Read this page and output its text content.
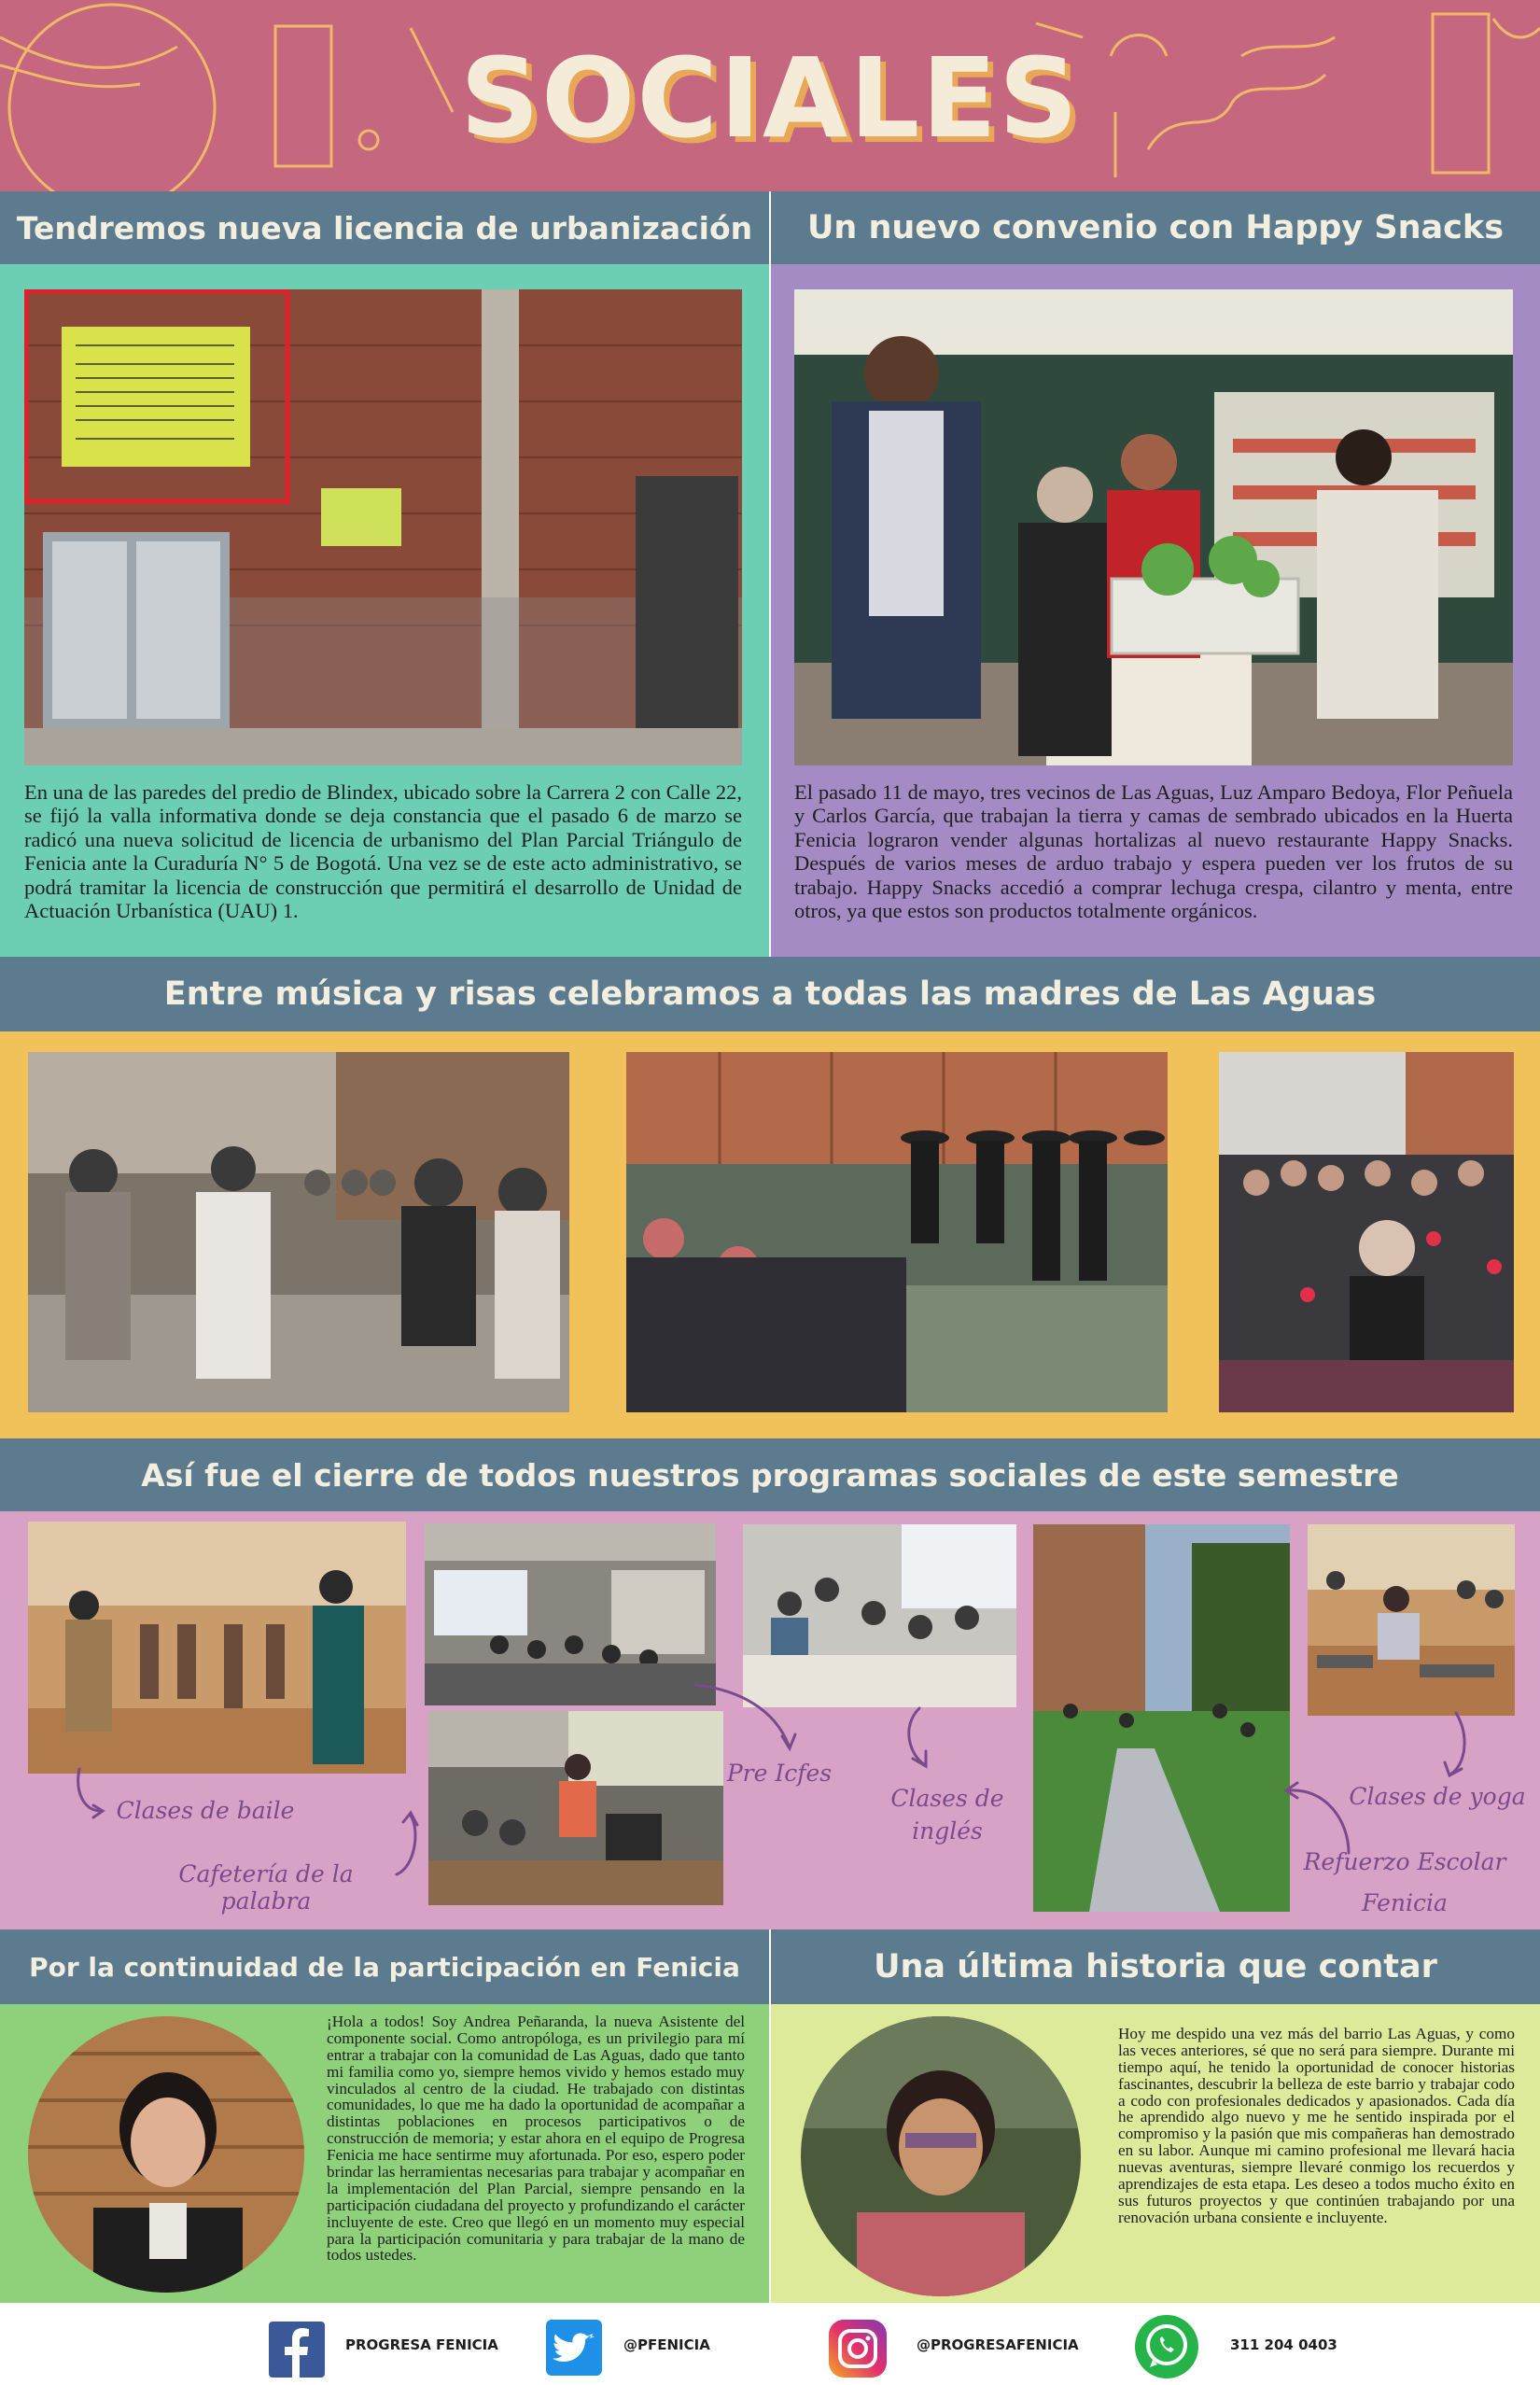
SOCIALES
Tendremos nueva licencia de urbanización
En una de las paredes del predio de Blindex, ubicado sobre la Carrera 2 con Calle 22, se fijó la valla informativa donde se deja constancia que el pasado 6 de marzo se radicó una nueva solicitud de licencia de urbanismo del Plan Parcial Triángulo de Fenicia ante la Curaduría N° 5 de Bogotá. Una vez se de este acto administrativo, se podrá tramitar la licencia de construcción que permitirá el desarrollo de Unidad de Actuación Urbanística (UAU) 1.
Un nuevo convenio con Happy Snacks
El pasado 11 de mayo, tres vecinos de Las Aguas, Luz Amparo Bedoya, Flor Peñuela y Carlos García, que trabajan la tierra y camas de sembrado ubicados en la Huerta Fenicia lograron vender algunas hortalizas al nuevo restaurante Happy Snacks. Después de varios meses de arduo trabajo y espera pueden ver los frutos de su trabajo. Happy Snacks accedió a comprar lechuga crespa, cilantro y menta, entre otros, ya que estos son productos totalmente orgánicos.
Entre música y risas celebramos a todas las madres de Las Aguas
Así fue el cierre de todos nuestros programas sociales de este semestre
Clases de baile
Cafetería de la palabra
Pre Icfes
Clases de
inglés
Clases de yoga
Refuerzo Escolar
Fenicia
Por la continuidad de la participación en Fenicia
¡Hola a todos! Soy Andrea Peñaranda, la nueva Asistente del componente social. Como antropóloga, es un privilegio para mí entrar a trabajar con la comunidad de Las Aguas, dado que tanto mi familia como yo, siempre hemos vivido y hemos estado muy vinculados al centro de la ciudad. He trabajado con distintas comunidades, lo que me ha dado la oportunidad de acompañar a distintas poblaciones en procesos participativos o de construcción de memoria; y estar ahora en el equipo de Progresa Fenicia me hace sentirme muy afortunada. Por eso, espero poder brindar las herramientas necesarias para trabajar y acompañar en la implementación del Plan Parcial, siempre pensando en la participación ciudadana del proyecto y profundizando el carácter incluyente de este. Creo que llegó en un momento muy especial para la participación comunitaria y para trabajar de la mano de todos ustedes.
Una última historia que contar
Hoy me despido una vez más del barrio Las Aguas, y como las veces anteriores, sé que no será para siempre. Durante mi tiempo aquí, he tenido la oportunidad de conocer historias fascinantes, descubrir la belleza de este barrio y trabajar codo a codo con profesionales dedicados y apasionados. Cada día he aprendido algo nuevo y me he sentido inspirada por el compromiso y la pasión que mis compañeras han demostrado en su labor. Aunque mi camino profesional me llevará hacia nuevas aventuras, siempre llevaré conmigo los recuerdos y aprendizajes de esta etapa. Les deseo a todos mucho éxito en sus futuros proyectos y que continúen trabajando por una renovación urbana consiente e incluyente.
PROGRESA FENICIA	@PFENICIA	@PROGRESAFENICIA	311 204 0403
